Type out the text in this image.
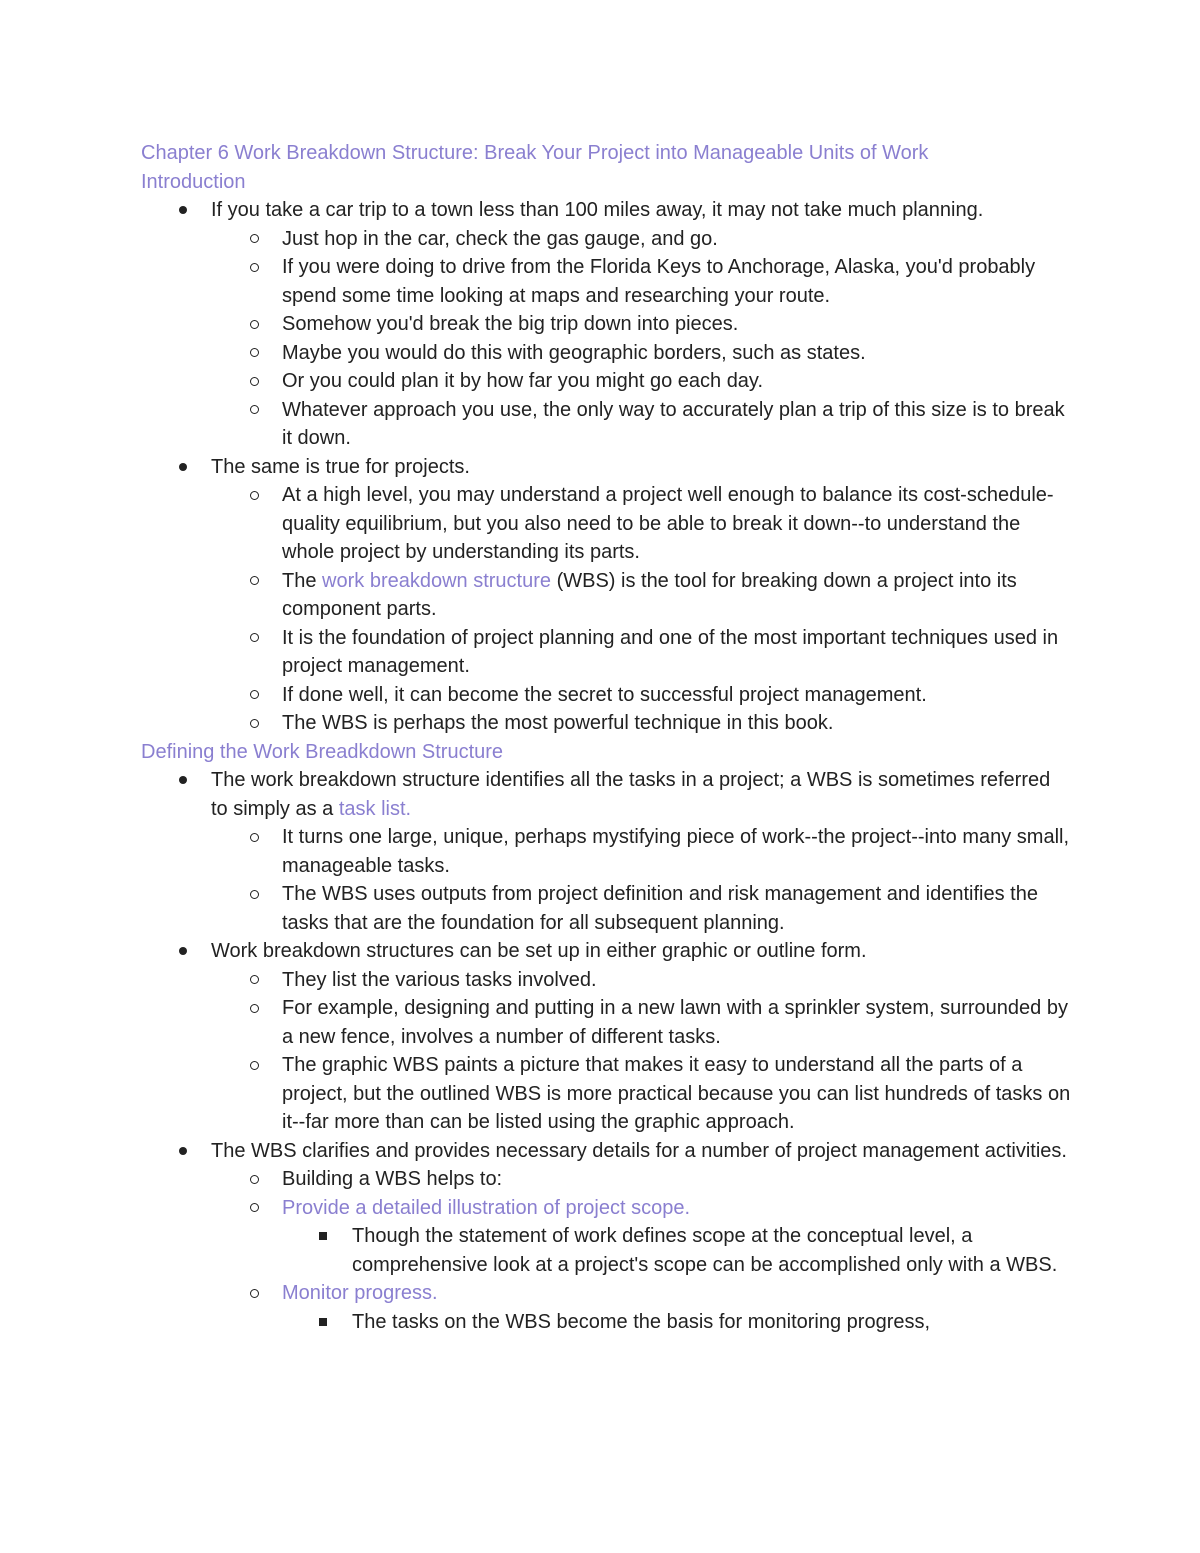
Chapter 6 Work Breakdown Structure: Break Your Project into Manageable Units of Work
Introduction
If you take a car trip to a town less than 100 miles away, it may not take much planning.
Just hop in the car, check the gas gauge, and go.
If you were doing to drive from the Florida Keys to Anchorage, Alaska, you'd probably spend some time looking at maps and researching your route.
Somehow you'd break the big trip down into pieces.
Maybe you would do this with geographic borders, such as states.
Or you could plan it by how far you might go each day.
Whatever approach you use, the only way to accurately plan a trip of this size is to break it down.
The same is true for projects.
At a high level, you may understand a project well enough to balance its cost-schedule-quality equilibrium, but you also need to be able to break it down--to understand the whole project by understanding its parts.
The work breakdown structure (WBS) is the tool for breaking down a project into its component parts.
It is the foundation of project planning and one of the most important techniques used in project management.
If done well, it can become the secret to successful project management.
The WBS is perhaps the most powerful technique in this book.
Defining the Work Breadkdown Structure
The work breakdown structure identifies all the tasks in a project; a WBS is sometimes referred to simply as a task list.
It turns one large, unique, perhaps mystifying piece of work--the project--into many small, manageable tasks.
The WBS uses outputs from project definition and risk management and identifies the tasks that are the foundation for all subsequent planning.
Work breakdown structures can be set up in either graphic or outline form.
They list the various tasks involved.
For example, designing and putting in a new lawn with a sprinkler system, surrounded by a new fence, involves a number of different tasks.
The graphic WBS paints a picture that makes it easy to understand all the parts of a project, but the outlined WBS is more practical because you can list hundreds of tasks on it--far more than can be listed using the graphic approach.
The WBS clarifies and provides necessary details for a number of project management activities.
Building a WBS helps to:
Provide a detailed illustration of project scope.
Though the statement of work defines scope at the conceptual level, a comprehensive look at a project's scope can be accomplished only with a WBS.
Monitor progress.
The tasks on the WBS become the basis for monitoring progress,
